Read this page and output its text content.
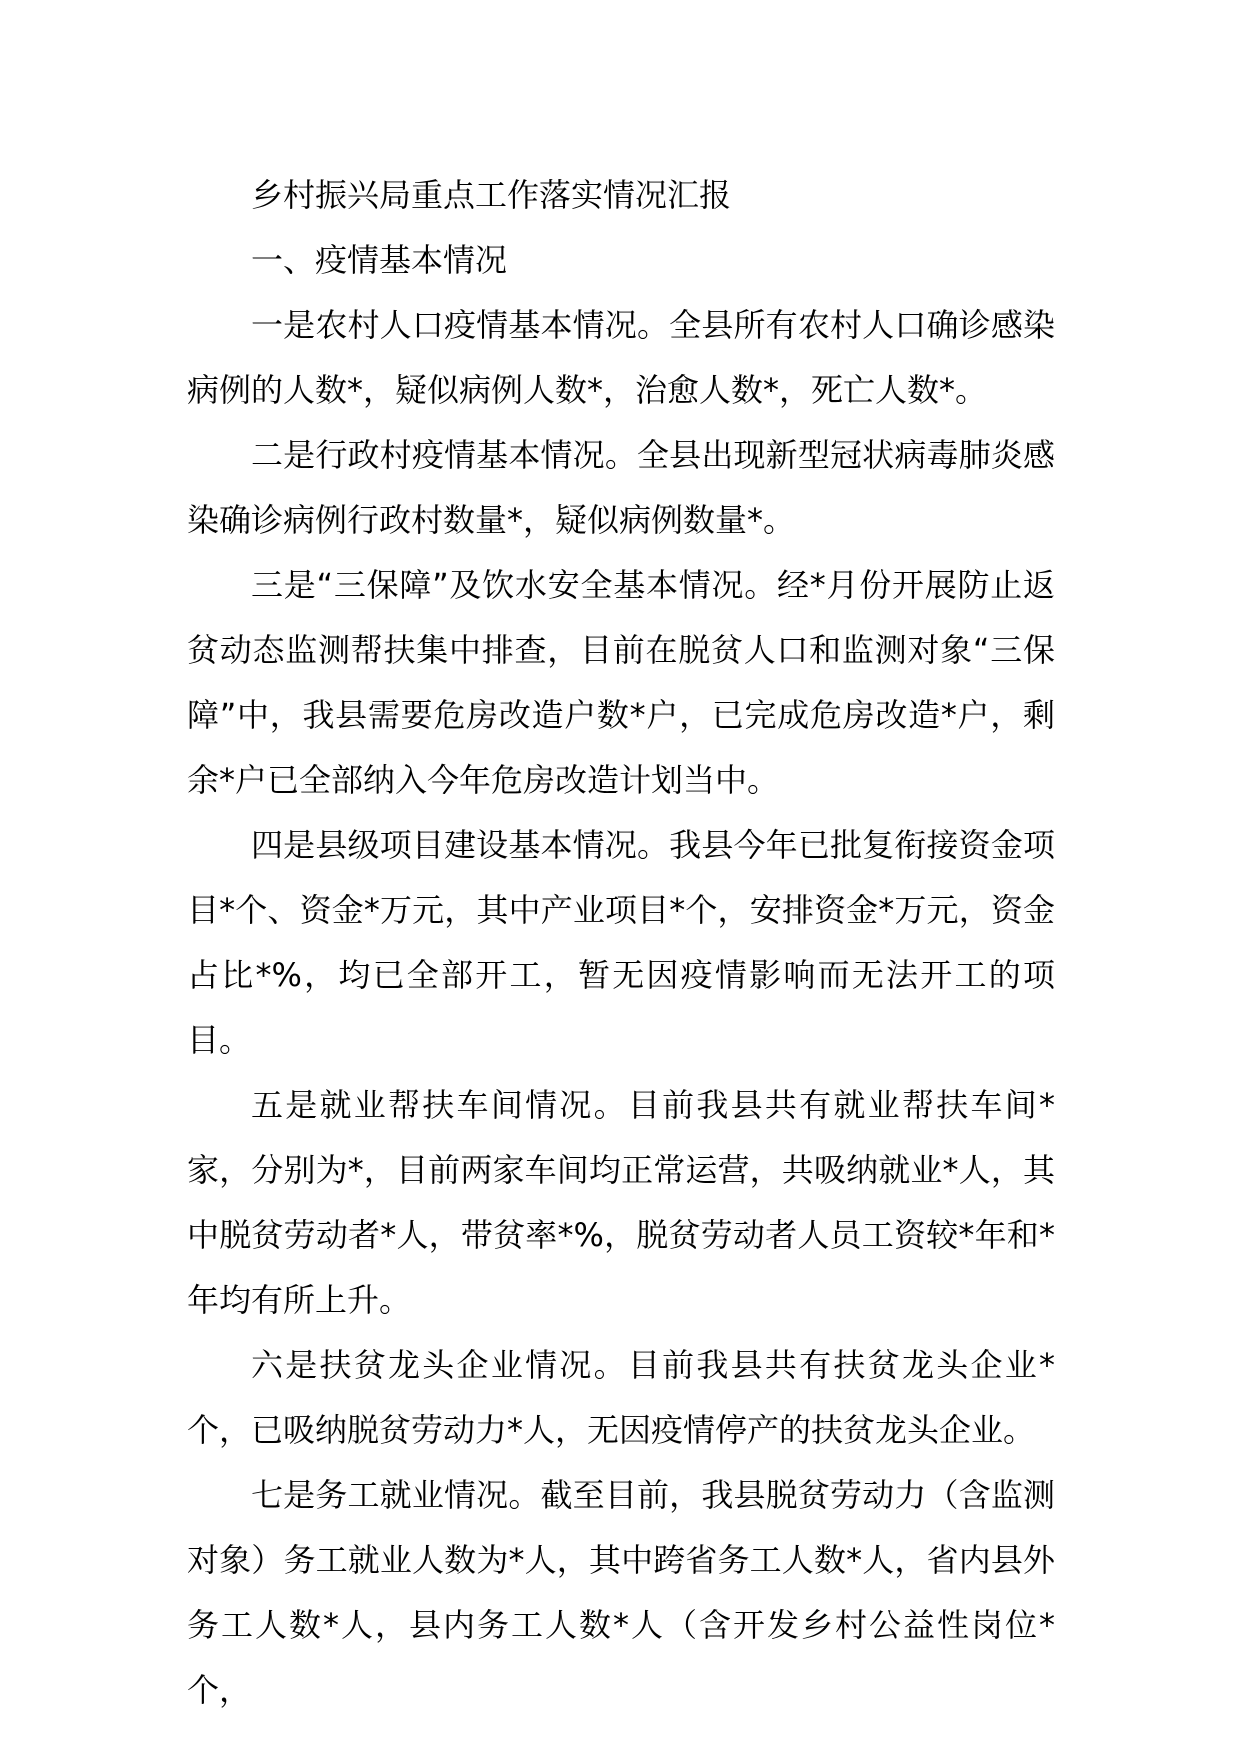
乡村振兴局重点工作落实情况汇报

一、疫情基本情况

一是农村人口疫情基本情况。全县所有农村人口确诊感染病例的人数*，疑似病例人数*，治愈人数*，死亡人数*。

二是行政村疫情基本情况。全县出现新型冠状病毒肺炎感染确诊病例行政村数量*，疑似病例数量*。

三是“三保障”及饮水安全基本情况。经*月份开展防止返贫动态监测帮扶集中排查，目前在脱贫人口和监测对象“三保障”中，我县需要危房改造户数*户，已完成危房改造*户，剩余*户已全部纳入今年危房改造计划当中。

四是县级项目建设基本情况。我县今年已批复衔接资金项目*个、资金*万元，其中产业项目*个，安排资金*万元，资金占比*%，均已全部开工，暂无因疫情影响而无法开工的项目。

五是就业帮扶车间情况。目前我县共有就业帮扶车间*家，分别为*，目前两家车间均正常运营，共吸纳就业*人，其中脱贫劳动者*人，带贫率*%，脱贫劳动者人员工资较*年和*年均有所上升。

六是扶贫龙头企业情况。目前我县共有扶贫龙头企业*个，已吸纳脱贫劳动力*人，无因疫情停产的扶贫龙头企业。

七是务工就业情况。截至目前，我县脱贫劳动力（含监测对象）务工就业人数为*人，其中跨省务工人数*人，省内县外务工人数*人，县内务工人数*人（含开发乡村公益性岗位*个，
